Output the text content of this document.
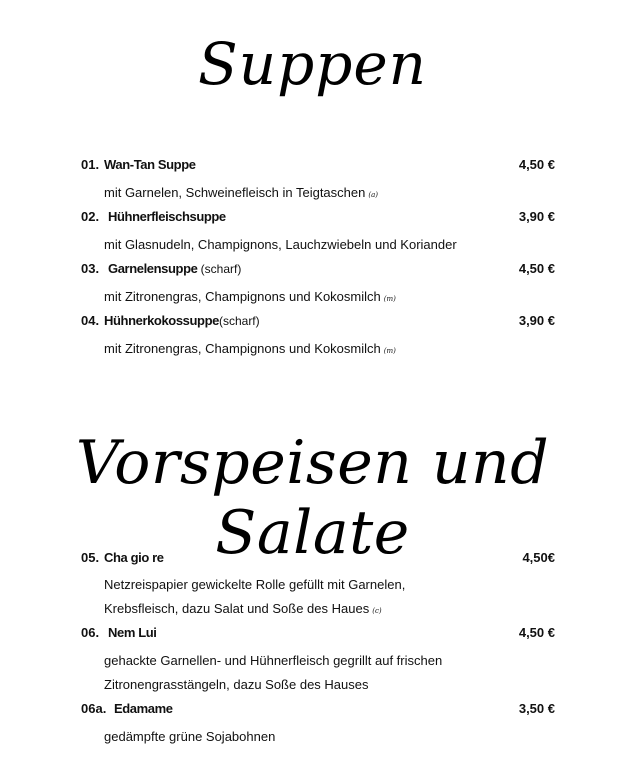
Suppen
01. Wan-Tan Suppe	4,50 €
mit Garnelen, Schweinefleisch in Teigtaschen (a)
02. Hühnerfleischsuppe	3,90 €
mit Glasnudeln, Champignons, Lauchzwiebeln und Koriander
03. Garnelensuppe (scharf)	4,50 €
mit Zitronengras, Champignons und Kokosmilch (m)
04. Hühnerkokossuppe(scharf)	3,90 €
mit Zitronengras, Champignons und Kokosmilch (m)
Vorspeisen und Salate
05. Cha gio re	4,50€
Netzreispapier gewickelte Rolle gefüllt mit Garnelen,
Krebsfleisch, dazu Salat und Soße des Haues (c)
06. Nem Lui	4,50 €
gehackte Garnellen- und Hühnerfleisch gegrillt auf frischen
Zitronengrasstängeln, dazu Soße des Hauses
06a. Edamame	3,50 €
gedämpfte grüne Sojabohnen
